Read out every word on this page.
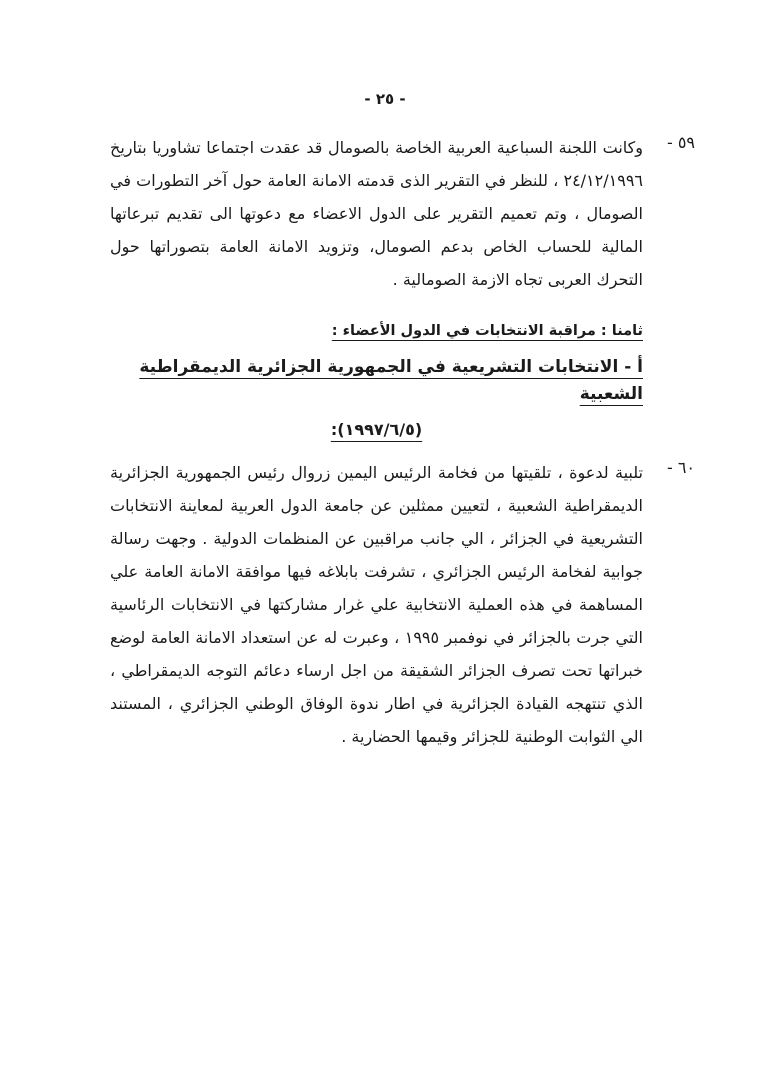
- ٢٥ -
٥٩ -

وكانت اللجنة السباعية العربية الخاصة بالصومال قد عقدت اجتماعا تشاوريا بتاريخ ٢٤/١٢/١٩٩٦ ، للنظر في التقرير الذى قدمته الامانة العامة حول آخر التطورات في الصومال ، وتم تعميم التقرير على الدول الاعضاء مع دعوتها الى تقديم تبرعاتها المالية للحساب الخاص بدعم الصومال، وتزويد الامانة العامة بتصوراتها حول التحرك العربى تجاه الازمة الصومالية .

ثامنا : مراقبة الانتخابات في الدول الأعضاء :
أ - الانتخابات التشريعية في الجمهورية الجزائرية الديمقراطية الشعبية
(١٩٩٧/٦/٥):
٦٠ -

تلبية لدعوة ، تلقيتها من فخامة الرئيس اليمين زروال رئيس الجمهورية الجزائرية الديمقراطية الشعبية ، لتعيين ممثلين عن جامعة الدول العربية لمعاينة الانتخابات التشريعية في الجزائر ، الي جانب مراقبين عن المنظمات الدولية . وجهت رسالة جوابية لفخامة الرئيس الجزائري ، تشرفت بابلاغه فيها موافقة الامانة العامة علي المساهمة في هذه العملية الانتخابية علي غرار مشاركتها في الانتخابات الرئاسية التي جرت بالجزائر في نوفمبر ١٩٩٥ ، وعبرت له عن استعداد الامانة العامة لوضع خبراتها تحت تصرف الجزائر الشقيقة من اجل ارساء دعائم التوجه الديمقراطي ، الذي تنتهجه القيادة الجزائرية في اطار ندوة الوفاق الوطني الجزائري ، المستند الي الثوابت الوطنية للجزائر وقيمها الحضارية .
